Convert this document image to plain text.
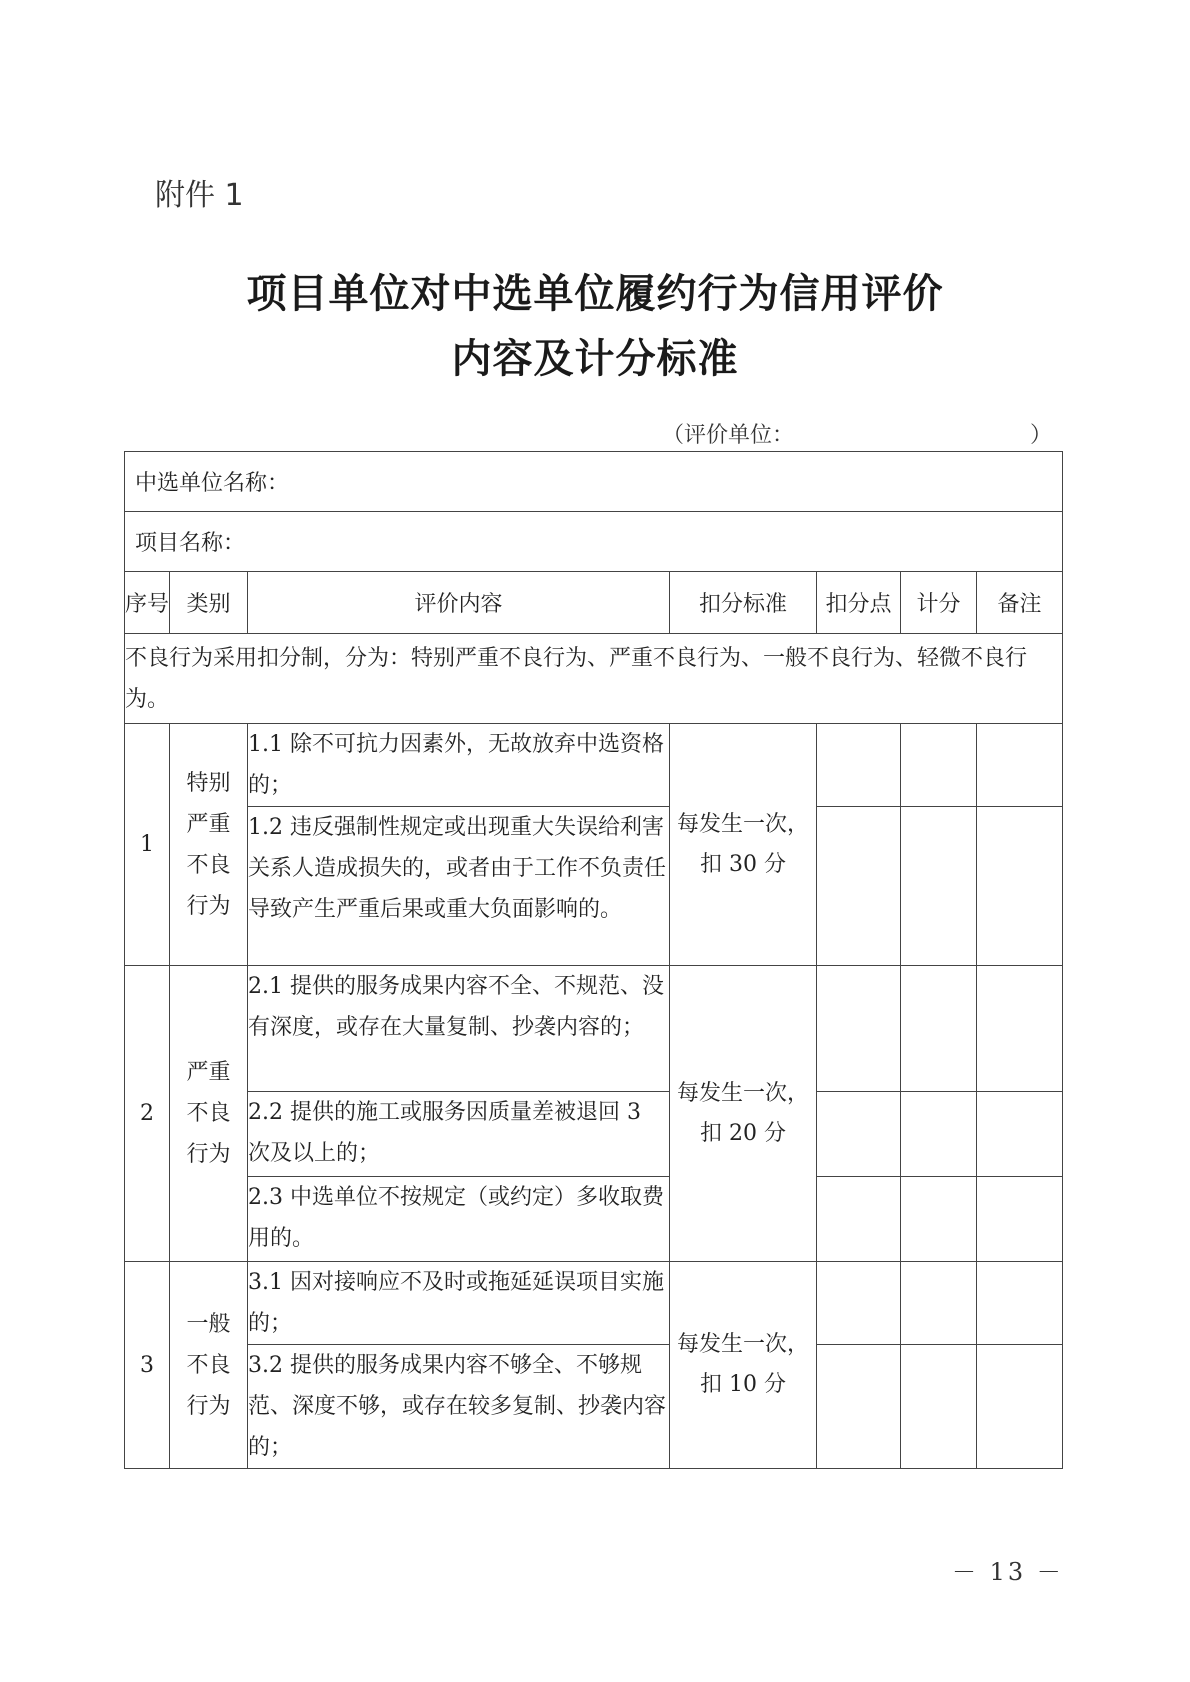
附件 1
项目单位对中选单位履约行为信用评价
内容及计分标准
（评价单位：	）
中选单位名称：						
项目名称：						
序号	类别	评价内容	扣分标准	扣分点	计分	备注
不良行为采用扣分制，分为：特别严重不良行为、严重不良行为、一般不良行为、轻微不良行为。						
1	特别
严重
不良
行为	1.1 除不可抗力因素外，无故放弃中选资格的；	每发生一次，扣 30 分			
		1.2 违反强制性规定或出现重大失误给利害关系人造成损失的，或者由于工作不负责任导致产生严重后果或重大负面影响的。				
2	严重
不良
行为	2.1 提供的服务成果内容不全、不规范、没有深度，或存在大量复制、抄袭内容的；	每发生一次，扣 20 分			
		2.2 提供的施工或服务因质量差被退回 3 次及以上的；				
		2.3 中选单位不按规定（或约定）多收取费用的。				
3	一般
不良
行为	3.1 因对接响应不及时或拖延延误项目实施的；	每发生一次，扣 10 分			
		3.2 提供的服务成果内容不够全、不够规范、深度不够，或存在较多复制、抄袭内容的；				
－ 13 －
